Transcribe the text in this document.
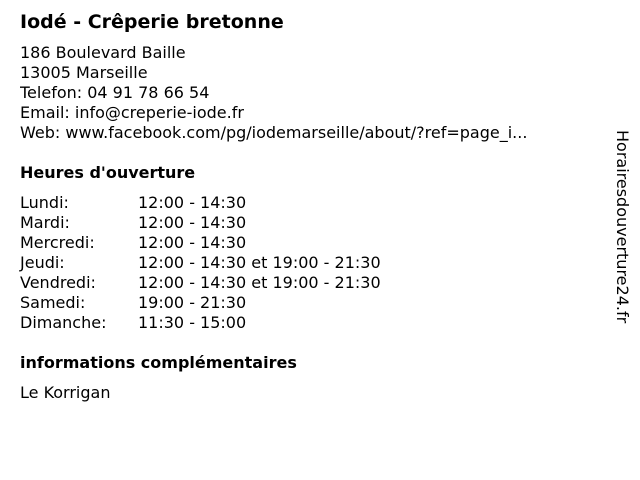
Iodé - Crêperie bretonne
186 Boulevard Baille
13005 Marseille
Telefon: 04 91 78 66 54
Email: info@creperie-iode.fr
Web: www.facebook.com/pg/iodemarseille/about/?ref=page_i...
Heures d'ouverture
Lundi:	12:00 - 14:30
Mardi:	12:00 - 14:30
Mercredi:	12:00 - 14:30
Jeudi:	12:00 - 14:30 et 19:00 - 21:30
Vendredi:	12:00 - 14:30 et 19:00 - 21:30
Samedi:	19:00 - 21:30
Dimanche:	11:30 - 15:00
informations complémentaires
Le Korrigan
Horairesdouverture24.fr
